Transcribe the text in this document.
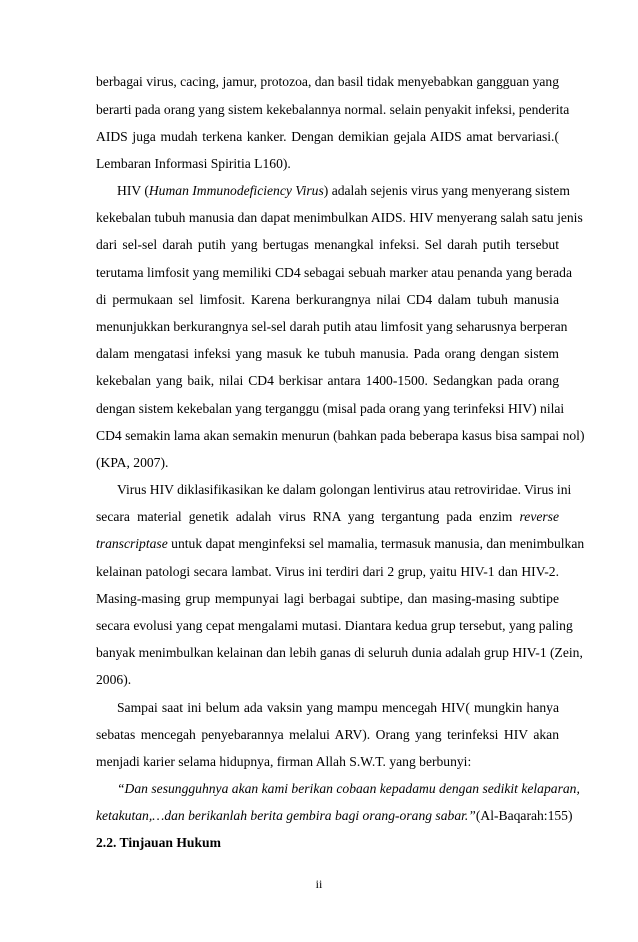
berbagai virus, cacing, jamur, protozoa, dan basil tidak menyebabkan gangguan yang
berarti pada orang yang sistem kekebalannya normal. selain penyakit infeksi, penderita
AIDS juga mudah terkena kanker. Dengan demikian gejala AIDS amat bervariasi.(
Lembaran Informasi Spiritia L160).
HIV (Human Immunodeficiency Virus) adalah sejenis virus yang menyerang sistem
kekebalan tubuh manusia dan dapat menimbulkan AIDS. HIV menyerang salah satu jenis
dari sel-sel darah putih yang bertugas menangkal infeksi. Sel darah putih tersebut
terutama limfosit yang memiliki CD4 sebagai sebuah marker atau penanda yang berada
di permukaan sel limfosit. Karena berkurangnya nilai CD4 dalam tubuh manusia
menunjukkan berkurangnya sel-sel darah putih atau limfosit yang seharusnya berperan
dalam mengatasi infeksi yang masuk ke tubuh manusia. Pada orang dengan sistem
kekebalan yang baik, nilai CD4 berkisar antara 1400-1500. Sedangkan pada orang
dengan sistem kekebalan yang terganggu (misal pada orang yang terinfeksi HIV) nilai
CD4 semakin lama akan semakin menurun (bahkan pada beberapa kasus bisa sampai nol)
(KPA, 2007).
Virus HIV diklasifikasikan ke dalam golongan lentivirus atau retroviridae. Virus ini
secara material genetik adalah virus RNA yang tergantung pada enzim reverse
transcriptase untuk dapat menginfeksi sel mamalia, termasuk manusia, dan menimbulkan
kelainan patologi secara lambat. Virus ini terdiri dari 2 grup, yaitu HIV-1 dan HIV-2.
Masing-masing grup mempunyai lagi berbagai subtipe, dan masing-masing subtipe
secara evolusi yang cepat mengalami mutasi. Diantara kedua grup tersebut, yang paling
banyak menimbulkan kelainan dan lebih ganas di seluruh dunia adalah grup HIV-1 (Zein,
2006).
Sampai saat ini belum ada vaksin yang mampu mencegah HIV( mungkin hanya
sebatas mencegah penyebarannya melalui ARV). Orang yang terinfeksi HIV akan
menjadi karier selama hidupnya, firman Allah S.W.T. yang berbunyi:
“Dan sesungguhnya akan kami berikan cobaan kepadamu dengan sedikit kelaparan,
ketakutan,…dan berikanlah berita gembira bagi orang-orang sabar.”(Al-Baqarah:155)
2.2. Tinjauan Hukum
ii
